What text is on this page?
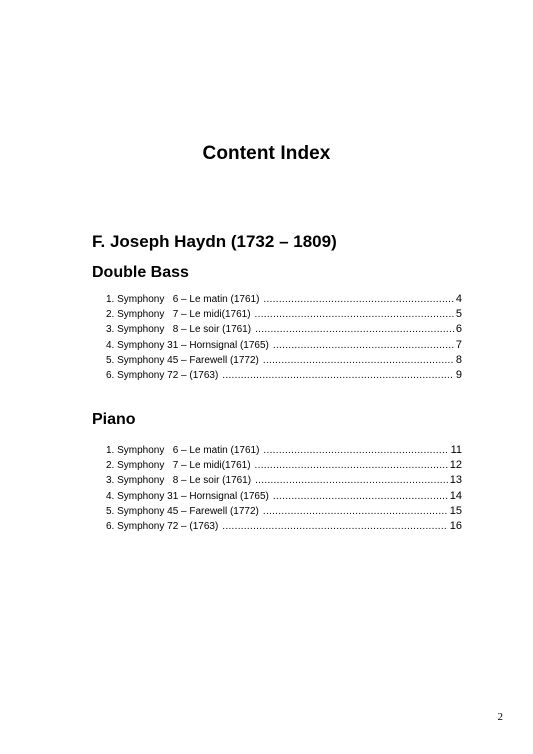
Content Index
F. Joseph Haydn (1732 – 1809)
Double Bass
1. Symphony   6 – Le matin (1761) .....	4
2. Symphony   7 – Le midi(1761) .....	5
3. Symphony   8 – Le soir (1761) .....	6
4. Symphony 31 – Hornsignal (1765) .....	7
5. Symphony 45 – Farewell (1772) .....	8
6. Symphony 72 – (1763) .....	9
Piano
1. Symphony   6 – Le matin (1761) .....	11
2. Symphony   7 – Le midi(1761) .....	12
3. Symphony   8 – Le soir (1761) .....	13
4. Symphony 31 – Hornsignal (1765) .....	14
5. Symphony 45 – Farewell (1772) .....	15
6. Symphony 72 – (1763) .....	16
2
